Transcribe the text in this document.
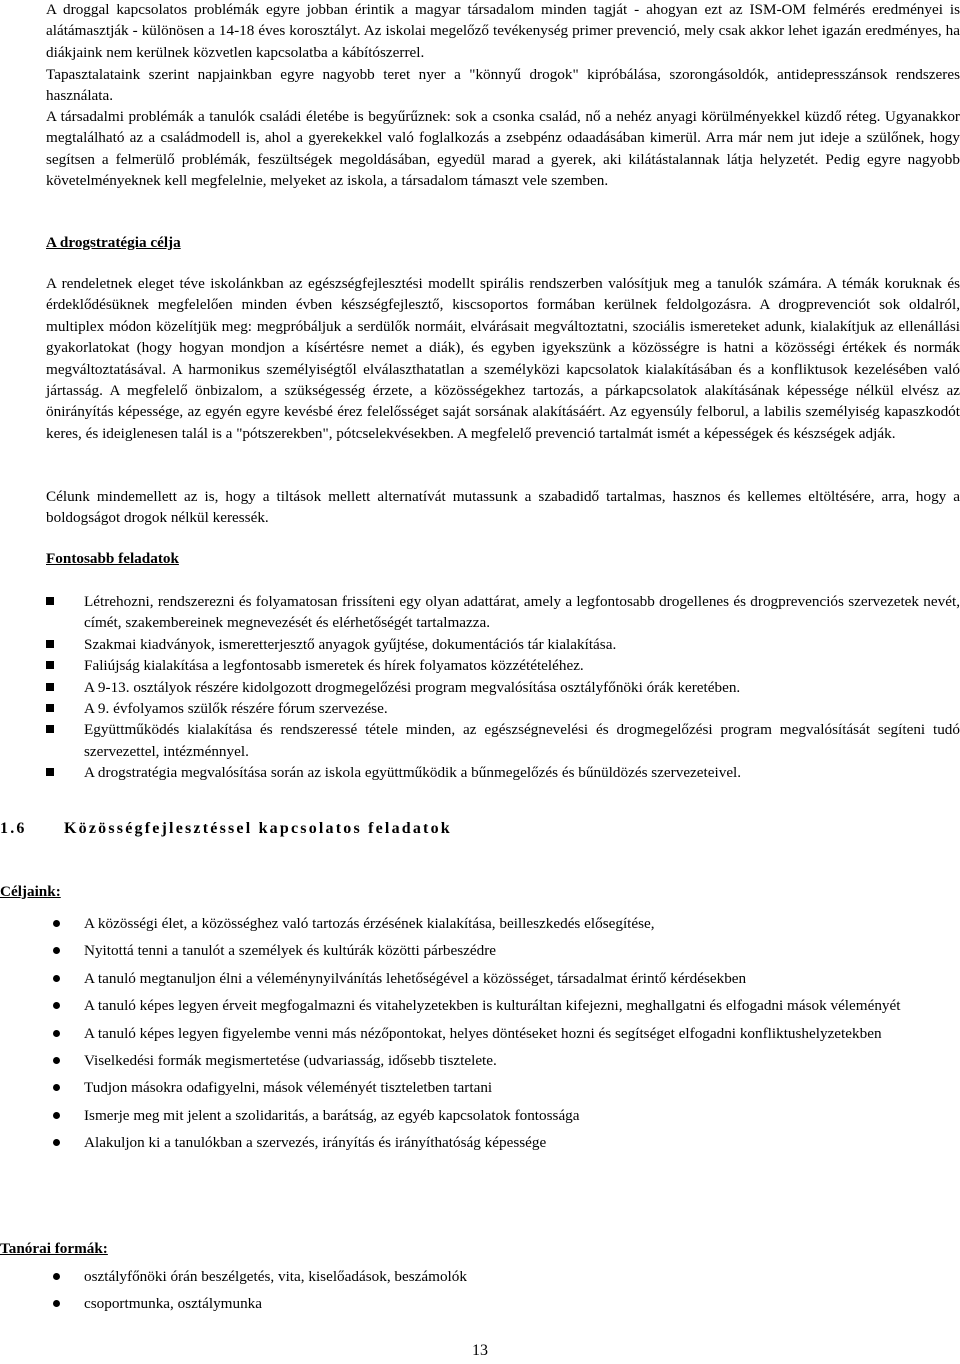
A droggal kapcsolatos problémák egyre jobban érintik a magyar társadalom minden tagját - ahogyan ezt az ISM-OM felmérés eredményei is alátámasztják - különösen a 14-18 éves korosztályt. Az iskolai megelőző tevékenység primer prevenció, mely csak akkor lehet igazán eredményes, ha diákjaink nem kerülnek közvetlen kapcsolatba a kábítószerrel.

Tapasztalataink szerint napjainkban egyre nagyobb teret nyer a "könnyű drogok" kipróbálása, szorongásoldók, antidepresszánsok rendszeres használata.

A társadalmi problémák a tanulók családi életébe is begyűrűznek: sok a csonka család, nő a nehéz anyagi körülményekkel küzdő réteg. Ugyanakkor megtalálható az a családmodell is, ahol a gyerekekkel való foglalkozás a zsebpénz odaadásában kimerül. Arra már nem jut ideje a szülőnek, hogy segítsen a felmerülő problémák, feszültségek megoldásában, egyedül marad a gyerek, aki kilátástalannak látja helyzetét. Pedig egyre nagyobb követelményeknek kell megfelelnie, melyeket az iskola, a társadalom támaszt vele szemben.

A drogstratégia célja

A rendeletnek eleget téve iskolánkban az egészségfejlesztési modellt spirális rendszerben valósítjuk meg a tanulók számára. A témák koruknak és érdeklődésüknek megfelelően minden évben készségfejlesztő, kiscsoportos formában kerülnek feldolgozásra. A drogprevenciót sok oldalról, multiplex módon közelítjük meg: megpróbáljuk a serdülők normáit, elvárásait megváltoztatni, szociális ismereteket adunk, kialakítjuk az ellenállási gyakorlatokat (hogy hogyan mondjon a kísértésre nemet a diák), és egyben igyekszünk a közösségre is hatni a közösségi értékek és normák megváltoztatásával. A harmonikus személyiségtől elválaszthatatlan a személyközi kapcsolatok kialakításában és a konfliktusok kezelésében való jártasság. A megfelelő önbizalom, a szükségesség érzete, a közösségekhez tartozás, a párkapcsolatok alakításának képessége nélkül elvész az önirányítás képessége, az egyén egyre kevésbé érez felelősséget saját sorsának alakításáért. Az egyensúly felborul, a labilis személyiség kapaszkodót keres, és ideiglenesen talál is a "pótszerekben", pótcselekvésekben. A megfelelő prevenció tartalmát ismét a képességek és készségek adják.

Célunk mindemellett az is, hogy a tiltások mellett alternatívát mutassunk a szabadidő tartalmas, hasznos és kellemes eltöltésére, arra, hogy a boldogságot drogok nélkül keressék.

Fontosabb feladatok

Létrehozni, rendszerezni és folyamatosan frissíteni egy olyan adattárat, amely a legfontosabb drogellenes és drogprevenciós szervezetek nevét, címét, szakembereinek megnevezését és elérhetőségét tartalmazza.
Szakmai kiadványok, ismeretterjesztő anyagok gyűjtése, dokumentációs tár kialakítása.
Faliújság kialakítása a legfontosabb ismeretek és hírek folyamatos közzétételéhez.
A 9-13. osztályok részére kidolgozott drogmegelőzési program megvalósítása osztályfőnöki órák keretében.
A 9. évfolyamos szülők részére fórum szervezése.
Együttműködés kialakítása és rendszeressé tétele minden, az egészségnevelési és drogmegelőzési program megvalósítását segíteni tudó szervezettel, intézménnyel.
A drogstratégia megvalósítása során az iskola együttműködik a bűnmegelőzés és bűnüldözés szervezeteivel.

1.6 Közösségfejlesztéssel kapcsolatos feladatok

Céljaink:

A közösségi élet, a közösséghez való tartozás érzésének kialakítása, beilleszkedés elősegítése,
Nyitottá tenni a tanulót a személyek és kultúrák közötti párbeszédre
A tanuló megtanuljon élni a véleménynyilvánítás lehetőségével a közösséget, társadalmat érintő kérdésekben
A tanuló képes legyen érveit megfogalmazni és vitahelyzetekben is kulturáltan kifejezni, meghallgatni és elfogadni mások véleményét
A tanuló képes legyen figyelembe venni más nézőpontokat, helyes döntéseket hozni és segítséget elfogadni konfliktushelyzetekben
Viselkedési formák megismertetése (udvariasság, idősebb tisztelete.
Tudjon másokra odafigyelni, mások véleményét tiszteletben tartani
Ismerje meg mit jelent a szolidaritás, a barátság, az egyéb kapcsolatok fontossága
Alakuljon ki a tanulókban a szervezés, irányítás és irányíthatóság képessége

Tanórai formák:

osztályfőnöki órán beszélgetés, vita, kiselőadások, beszámolók
csoportmunka, osztálymunka
13
